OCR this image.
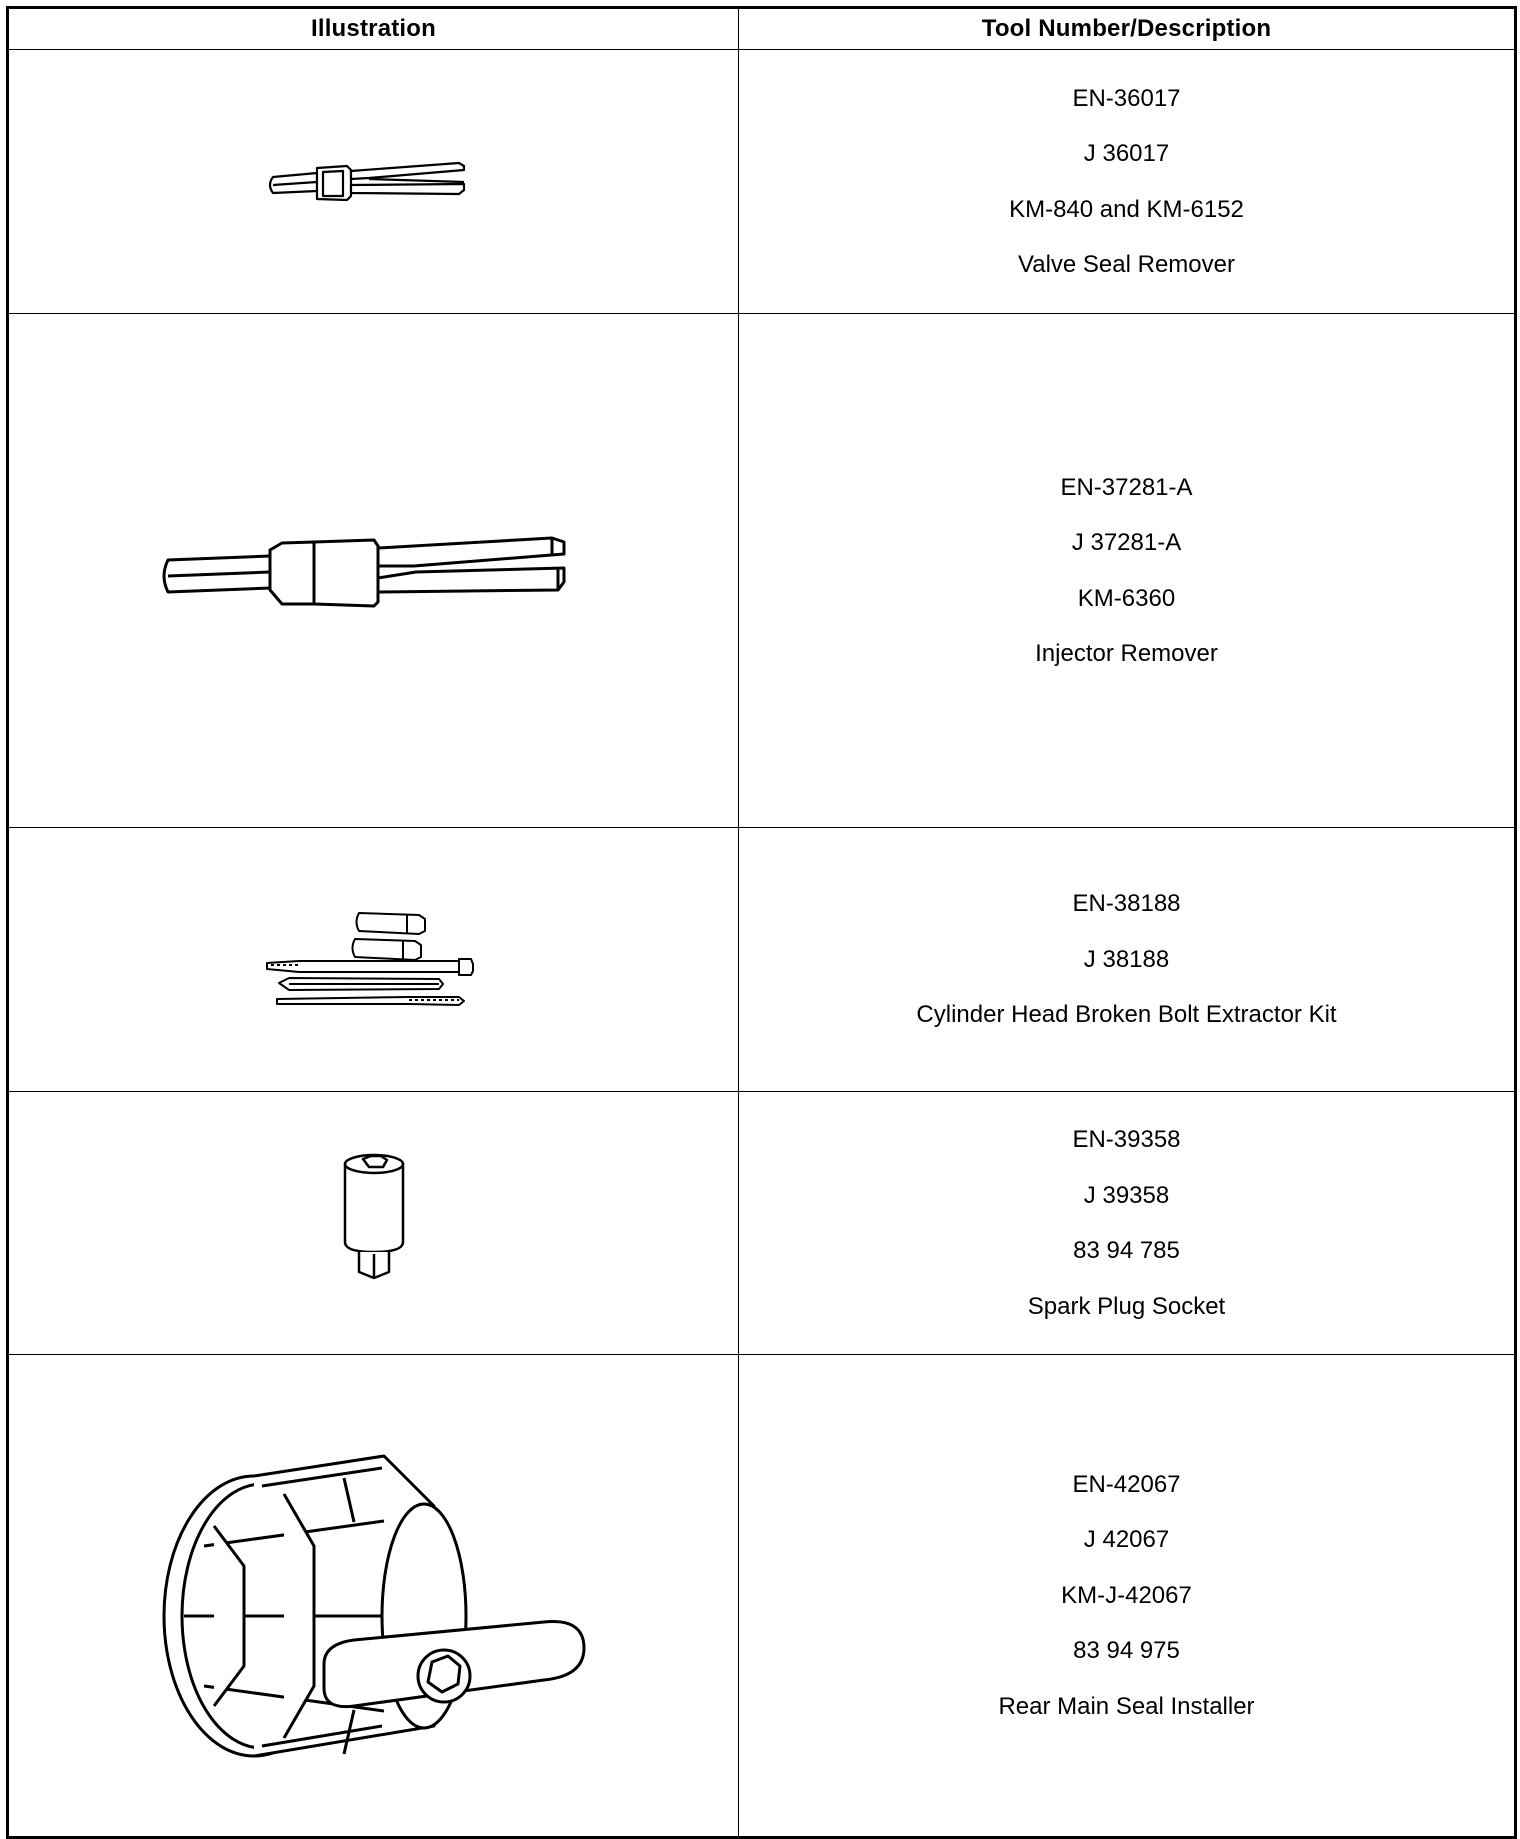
Illustration	Tool Number/Description

EN-36017
J 36017
KM-840 and KM-6152
Valve Seal Remover

EN-37281-A
J 37281-A
KM-6360
Injector Remover

EN-38188
J 38188
Cylinder Head Broken Bolt Extractor Kit

EN-39358
J 39358
83 94 785
Spark Plug Socket

EN-42067
J 42067
KM-J-42067
83 94 975
Rear Main Seal Installer
